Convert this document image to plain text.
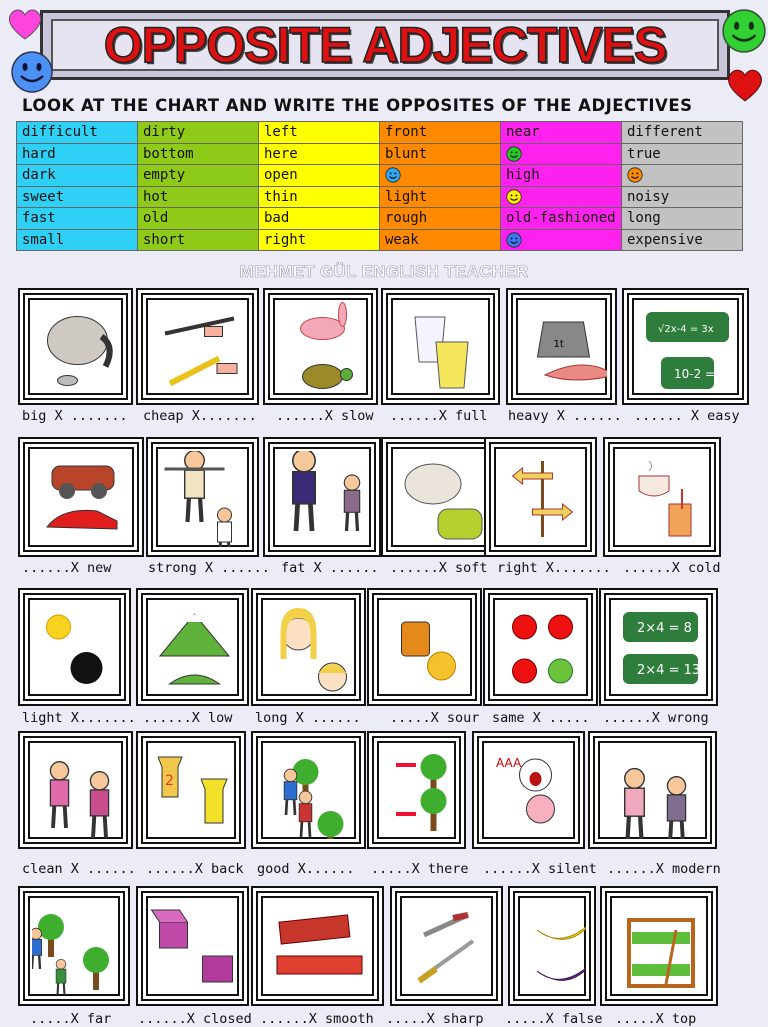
OPPOSITE ADJECTIVES
LOOK AT THE CHART AND WRITE THE OPPOSITES OF THE ADJECTIVES
difficult	dirty	left	front	near	different
hard	bottom	here	blunt		true
dark	empty	open		high	
sweet	hot	thin	light		noisy
fast	old	bad	rough	old-fashioned	long
small	short	right	weak		expensive
MEHMET GÜL ENGLISH TEACHER
big X ....... cheap X....... ......X slow ......X full
1t
heavy X ......
√2x-4 = 3x
10-2 = 8
...... X easy
......X new	strong X ...... fat X ...... ......X soft right X....... ......X cold
light X....... ......X low long X ...... .....X sour same X .....
2×4 = 8
2×4 = 13
......X wrong
clean X ......
2
......X back good X...... .....X there
AAA
......X silent ......X modern
.....X far ......X closed ......X smooth .....X sharp .....X false .....X top
